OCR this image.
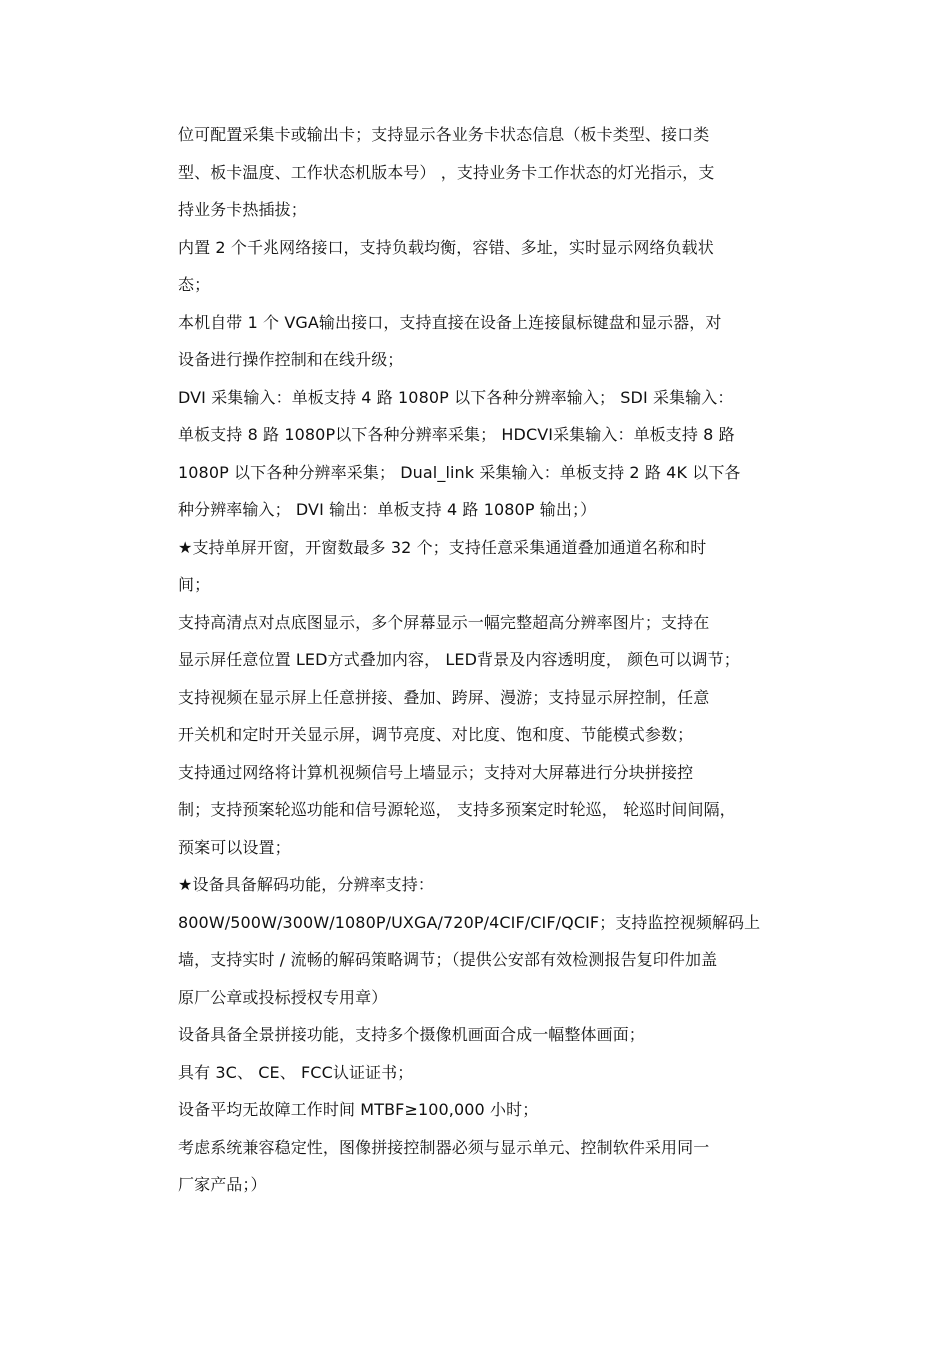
位可配置采集卡或输出卡；支持显示各业务卡状态信息（板卡类型、接口类
型、板卡温度、工作状态机版本号） ，支持业务卡工作状态的灯光指示，支
持业务卡热插拔；
内置 2 个千兆网络接口，支持负载均衡，容错、多址，实时显示网络负载状
态；
本机自带 1 个 VGA输出接口，支持直接在设备上连接鼠标键盘和显示器，对
设备进行操作控制和在线升级；
DVI 采集输入：单板支持 4 路 1080P 以下各种分辨率输入； SDI 采集输入：
单板支持 8 路 1080P以下各种分辨率采集； HDCVI采集输入：单板支持 8 路
1080P 以下各种分辨率采集； Dual_link 采集输入：单板支持 2 路 4K 以下各
种分辨率输入； DVI 输出：单板支持 4 路 1080P 输出；）
★支持单屏开窗，开窗数最多 32 个；支持任意采集通道叠加通道名称和时
间；
支持高清点对点底图显示，多个屏幕显示一幅完整超高分辨率图片；支持在
显示屏任意位置 LED方式叠加内容， LED背景及内容透明度， 颜色可以调节；
支持视频在显示屏上任意拼接、叠加、跨屏、漫游；支持显示屏控制，任意
开关机和定时开关显示屏，调节亮度、对比度、饱和度、节能模式参数；
支持通过网络将计算机视频信号上墙显示；支持对大屏幕进行分块拼接控
制；支持预案轮巡功能和信号源轮巡， 支持多预案定时轮巡， 轮巡时间间隔，
预案可以设置；
★设备具备解码功能，分辨率支持：
800W/500W/300W/1080P/UXGA/720P/4CIF/CIF/QCIF；支持监控视频解码上
墙，支持实时 / 流畅的解码策略调节；（提供公安部有效检测报告复印件加盖
原厂公章或投标授权专用章）
设备具备全景拼接功能，支持多个摄像机画面合成一幅整体画面；
具有 3C、 CE、 FCC认证证书；
设备平均无故障工作时间 MTBF≥100,000 小时；
考虑系统兼容稳定性，图像拼接控制器必须与显示单元、控制软件采用同一
厂家产品；）
